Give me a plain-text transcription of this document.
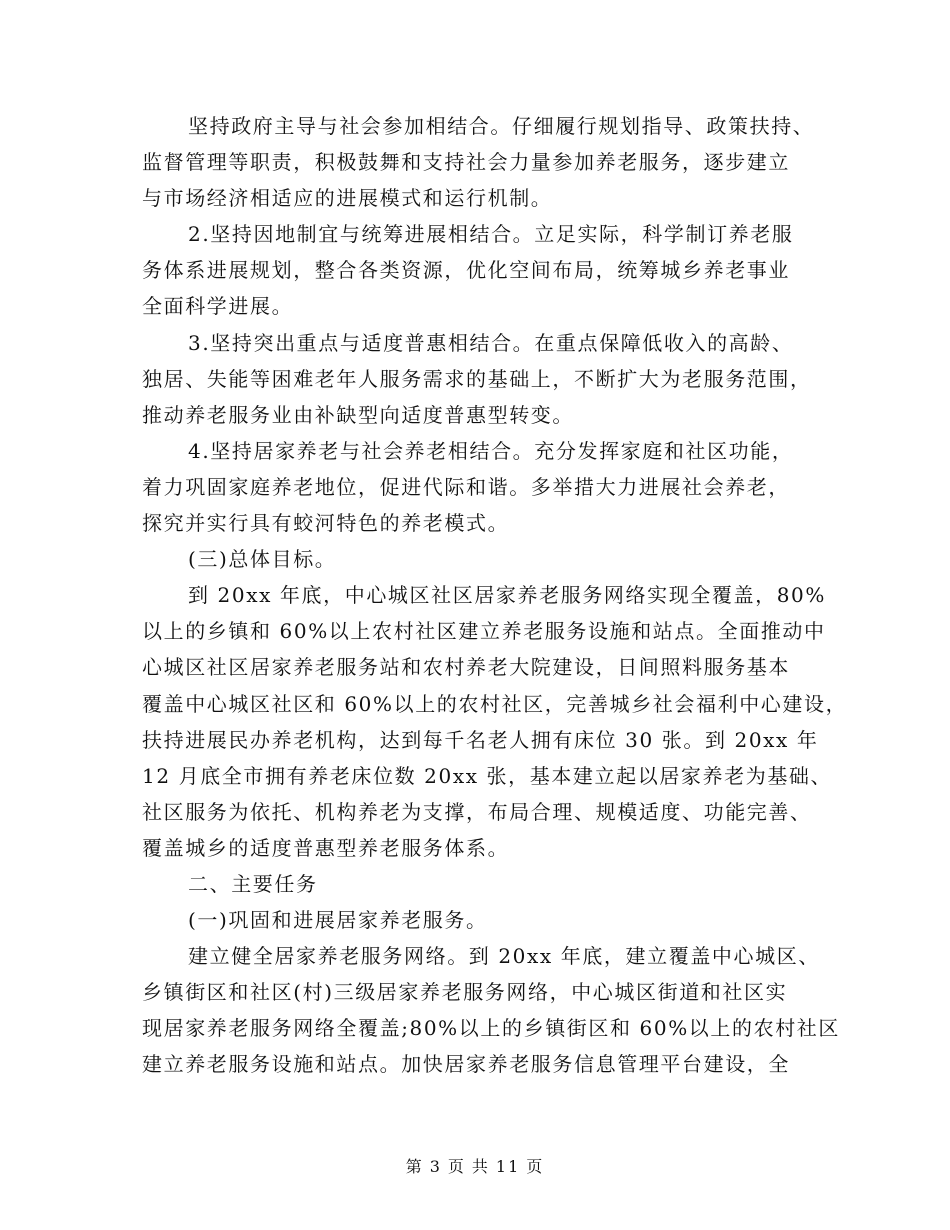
坚持政府主导与社会参加相结合。仔细履行规划指导、政策扶持、
监督管理等职责，积极鼓舞和支持社会力量参加养老服务，逐步建立
与市场经济相适应的进展模式和运行机制。
2.坚持因地制宜与统筹进展相结合。立足实际，科学制订养老服
务体系进展规划，整合各类资源，优化空间布局，统筹城乡养老事业
全面科学进展。
3.坚持突出重点与适度普惠相结合。在重点保障低收入的高龄、
独居、失能等困难老年人服务需求的基础上，不断扩大为老服务范围，
推动养老服务业由补缺型向适度普惠型转变。
4.坚持居家养老与社会养老相结合。充分发挥家庭和社区功能，
着力巩固家庭养老地位，促进代际和谐。多举措大力进展社会养老，
探究并实行具有蛟河特色的养老模式。
(三)总体目标。
到 20xx 年底，中心城区社区居家养老服务网络实现全覆盖，80%
以上的乡镇和 60%以上农村社区建立养老服务设施和站点。全面推动中
心城区社区居家养老服务站和农村养老大院建设，日间照料服务基本
覆盖中心城区社区和 60%以上的农村社区，完善城乡社会福利中心建设，
扶持进展民办养老机构，达到每千名老人拥有床位 30 张。到 20xx 年
12 月底全市拥有养老床位数 20xx 张，基本建立起以居家养老为基础、
社区服务为依托、机构养老为支撑，布局合理、规模适度、功能完善、
覆盖城乡的适度普惠型养老服务体系。
二、主要任务
(一)巩固和进展居家养老服务。
建立健全居家养老服务网络。到 20xx 年底，建立覆盖中心城区、
乡镇街区和社区(村)三级居家养老服务网络，中心城区街道和社区实
现居家养老服务网络全覆盖;80%以上的乡镇街区和 60%以上的农村社区
建立养老服务设施和站点。加快居家养老服务信息管理平台建设，全
第 3 页 共 11 页
